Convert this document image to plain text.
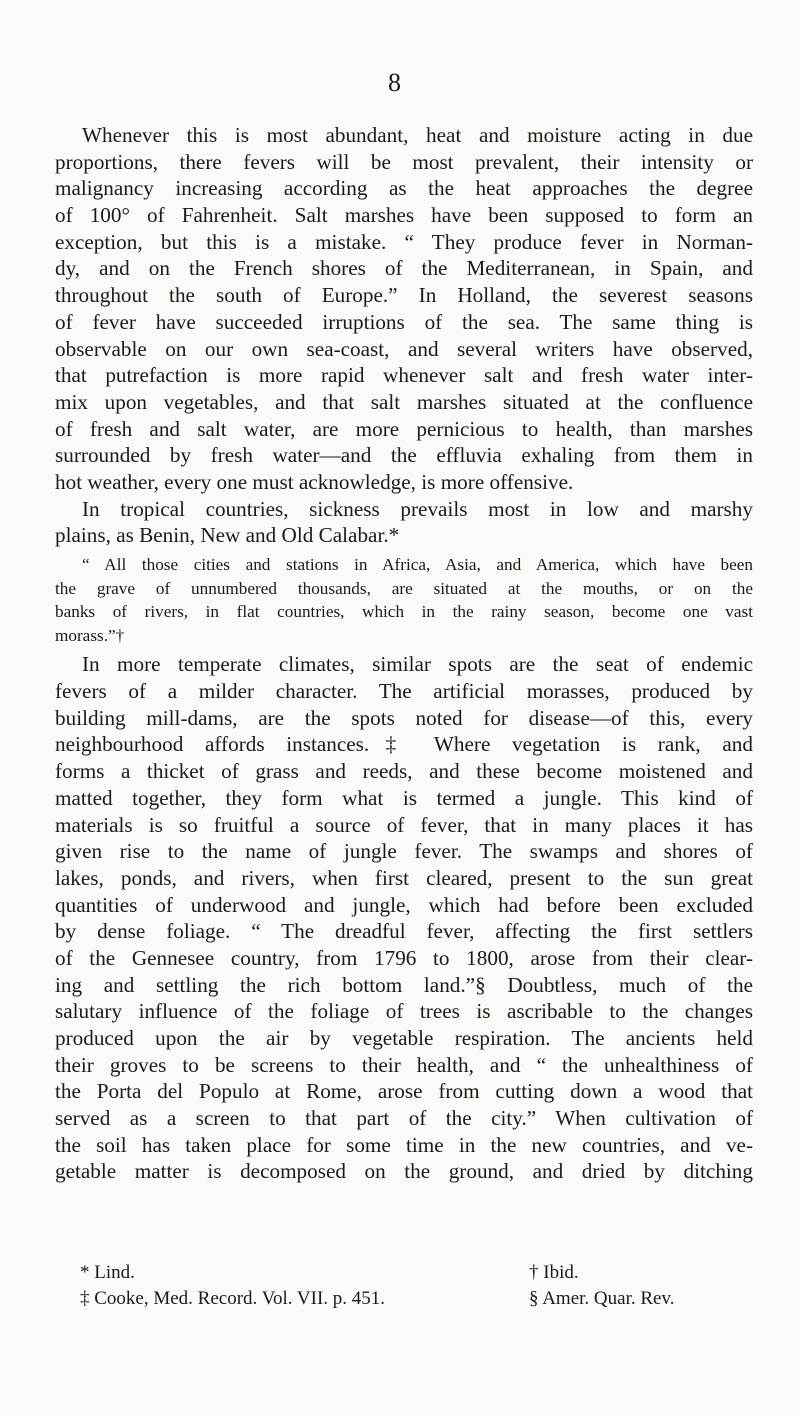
8
Whenever this is most abundant, heat and moisture acting in due
proportions, there fevers will be most prevalent, their intensity or
malignancy increasing according as the heat approaches the degree
of 100° of Fahrenheit. Salt marshes have been supposed to form an
exception, but this is a mistake. “ They produce fever in Norman-
dy, and on the French shores of the Mediterranean, in Spain, and
throughout the south of Europe.” In Holland, the severest seasons
of fever have succeeded irruptions of the sea. The same thing is
observable on our own sea-coast, and several writers have observed,
that putrefaction is more rapid whenever salt and fresh water inter-
mix upon vegetables, and that salt marshes situated at the confluence
of fresh and salt water, are more pernicious to health, than marshes
surrounded by fresh water—and the effluvia exhaling from them in
hot weather, every one must acknowledge, is more offensive.
In tropical countries, sickness prevails most in low and marshy
plains, as Benin, New and Old Calabar.*
“ All those cities and stations in Africa, Asia, and America, which have been
the grave of unnumbered thousands, are situated at the mouths, or on the
banks of rivers, in flat countries, which in the rainy season, become one vast
morass.”†
In more temperate climates, similar spots are the seat of endemic
fevers of a milder character. The artificial morasses, produced by
building mill-dams, are the spots noted for disease—of this, every
neighbourhood affords instances.‡ Where vegetation is rank, and
forms a thicket of grass and reeds, and these become moistened and
matted together, they form what is termed a jungle. This kind of
materials is so fruitful a source of fever, that in many places it has
given rise to the name of jungle fever. The swamps and shores of
lakes, ponds, and rivers, when first cleared, present to the sun great
quantities of underwood and jungle, which had before been excluded
by dense foliage. “ The dreadful fever, affecting the first settlers
of the Gennesee country, from 1796 to 1800, arose from their clear-
ing and settling the rich bottom land.”§ Doubtless, much of the
salutary influence of the foliage of trees is ascribable to the changes
produced upon the air by vegetable respiration. The ancients held
their groves to be screens to their health, and “ the unhealthiness of
the Porta del Populo at Rome, arose from cutting down a wood that
served as a screen to that part of the city.” When cultivation of
the soil has taken place for some time in the new countries, and ve-
getable matter is decomposed on the ground, and dried by ditching
* Lind.	† Ibid.
‡ Cooke, Med. Record. Vol. VII. p. 451.	§ Amer. Quar. Rev.
